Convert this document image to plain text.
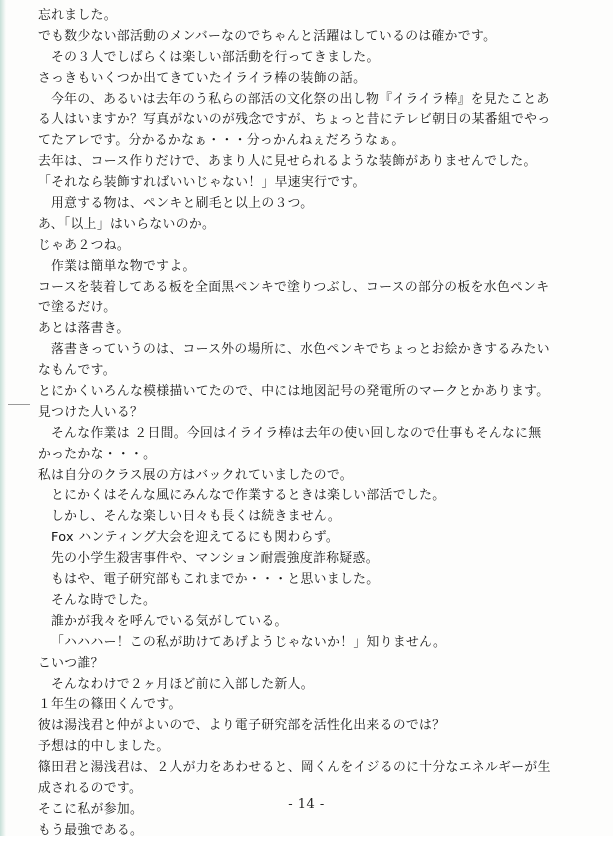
忘れました。
でも数少ない部活動のメンバーなのでちゃんと活躍はしているのは確かです。
その３人でしばらくは楽しい部活動を行ってきました。
さっきもいくつか出てきていたイライラ棒の装飾の話。
今年の、あるいは去年のう私らの部活の文化祭の出し物『イライラ棒』を見たことあ
る人はいますか？写真がないのが残念ですが、ちょっと昔にテレビ朝日の某番組でやっ
てたアレです。分かるかなぁ・・・分っかんねぇだろうなぁ。
去年は、コース作りだけで、あまり人に見せられるような装飾がありませんでした。
「それなら装飾すればいいじゃない！」早速実行です。
用意する物は、ペンキと刷毛と以上の３つ。
あ、「以上」はいらないのか。
じゃあ２つね。
作業は簡単な物ですよ。
コースを装着してある板を全面黒ペンキで塗りつぶし、コースの部分の板を水色ペンキ
で塗るだけ。
あとは落書き。
落書きっていうのは、コース外の場所に、水色ペンキでちょっとお絵かきするみたい
なもんです。
とにかくいろんな模様描いてたので、中には地図記号の発電所のマークとかあります。
見つけた人いる？
そんな作業は ２日間。今回はイライラ棒は去年の使い回しなので仕事もそんなに無
かったかな・・・。
私は自分のクラス展の方はバックれていましたので。
とにかくはそんな風にみんなで作業するときは楽しい部活でした。
しかし、そんな楽しい日々も長くは続きません。
Fox ハンティング大会を迎えてるにも関わらず。
先の小学生殺害事件や、マンション耐震強度詐称疑惑。
もはや、電子研究部もこれまでか・・・と思いました。
そんな時でした。
誰かが我々を呼んでいる気がしている。
「ハハハー！この私が助けてあげようじゃないか！」知りません。
こいつ誰？
そんなわけで２ヶ月ほど前に入部した新人。
１年生の篠田くんです。
彼は湯浅君と仲がよいので、より電子研究部を活性化出来るのでは？
予想は的中しました。
篠田君と湯浅君は、２人が力をあわせると、岡くんをイジるのに十分なエネルギーが生
成されるのです。
そこに私が参加。
もう最強である。
- 14 -
